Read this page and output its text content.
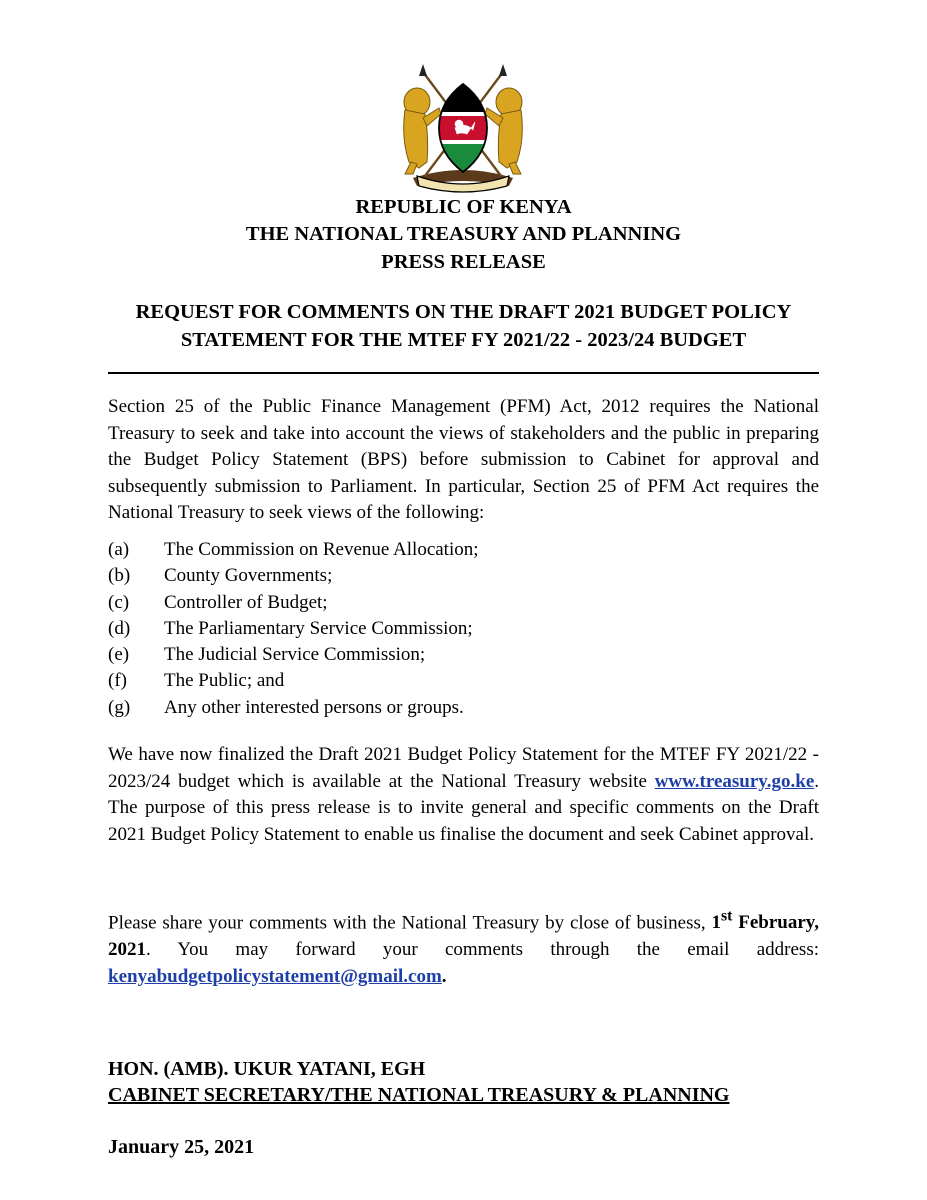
REPUBLIC OF KENYA
THE NATIONAL TREASURY AND PLANNING
PRESS RELEASE
REQUEST FOR COMMENTS ON THE DRAFT 2021 BUDGET POLICY
STATEMENT FOR THE MTEF FY 2021/22 - 2023/24 BUDGET

Section 25 of the Public Finance Management (PFM) Act, 2012 requires the National Treasury to seek and take into account the views of stakeholders and the public in preparing the Budget Policy Statement (BPS) before submission to Cabinet for approval and subsequently submission to Parliament. In particular, Section 25 of PFM Act requires the National Treasury to seek views of the following:

(a) The Commission on Revenue Allocation;
(b) County Governments;
(c) Controller of Budget;
(d) The Parliamentary Service Commission;
(e) The Judicial Service Commission;
(f) The Public; and
(g) Any other interested persons or groups.

We have now finalized the Draft 2021 Budget Policy Statement for the MTEF FY 2021/22 - 2023/24 budget which is available at the National Treasury website www.treasury.go.ke. The purpose of this press release is to invite general and specific comments on the Draft 2021 Budget Policy Statement to enable us finalise the document and seek Cabinet approval.

Please share your comments with the National Treasury by close of business, 1st February, 2021. You may forward your comments through the email address: kenyabudgetpolicystatement@gmail.com.

HON. (AMB). UKUR YATANI, EGH
CABINET SECRETARY/THE NATIONAL TREASURY & PLANNING
January 25, 2021
